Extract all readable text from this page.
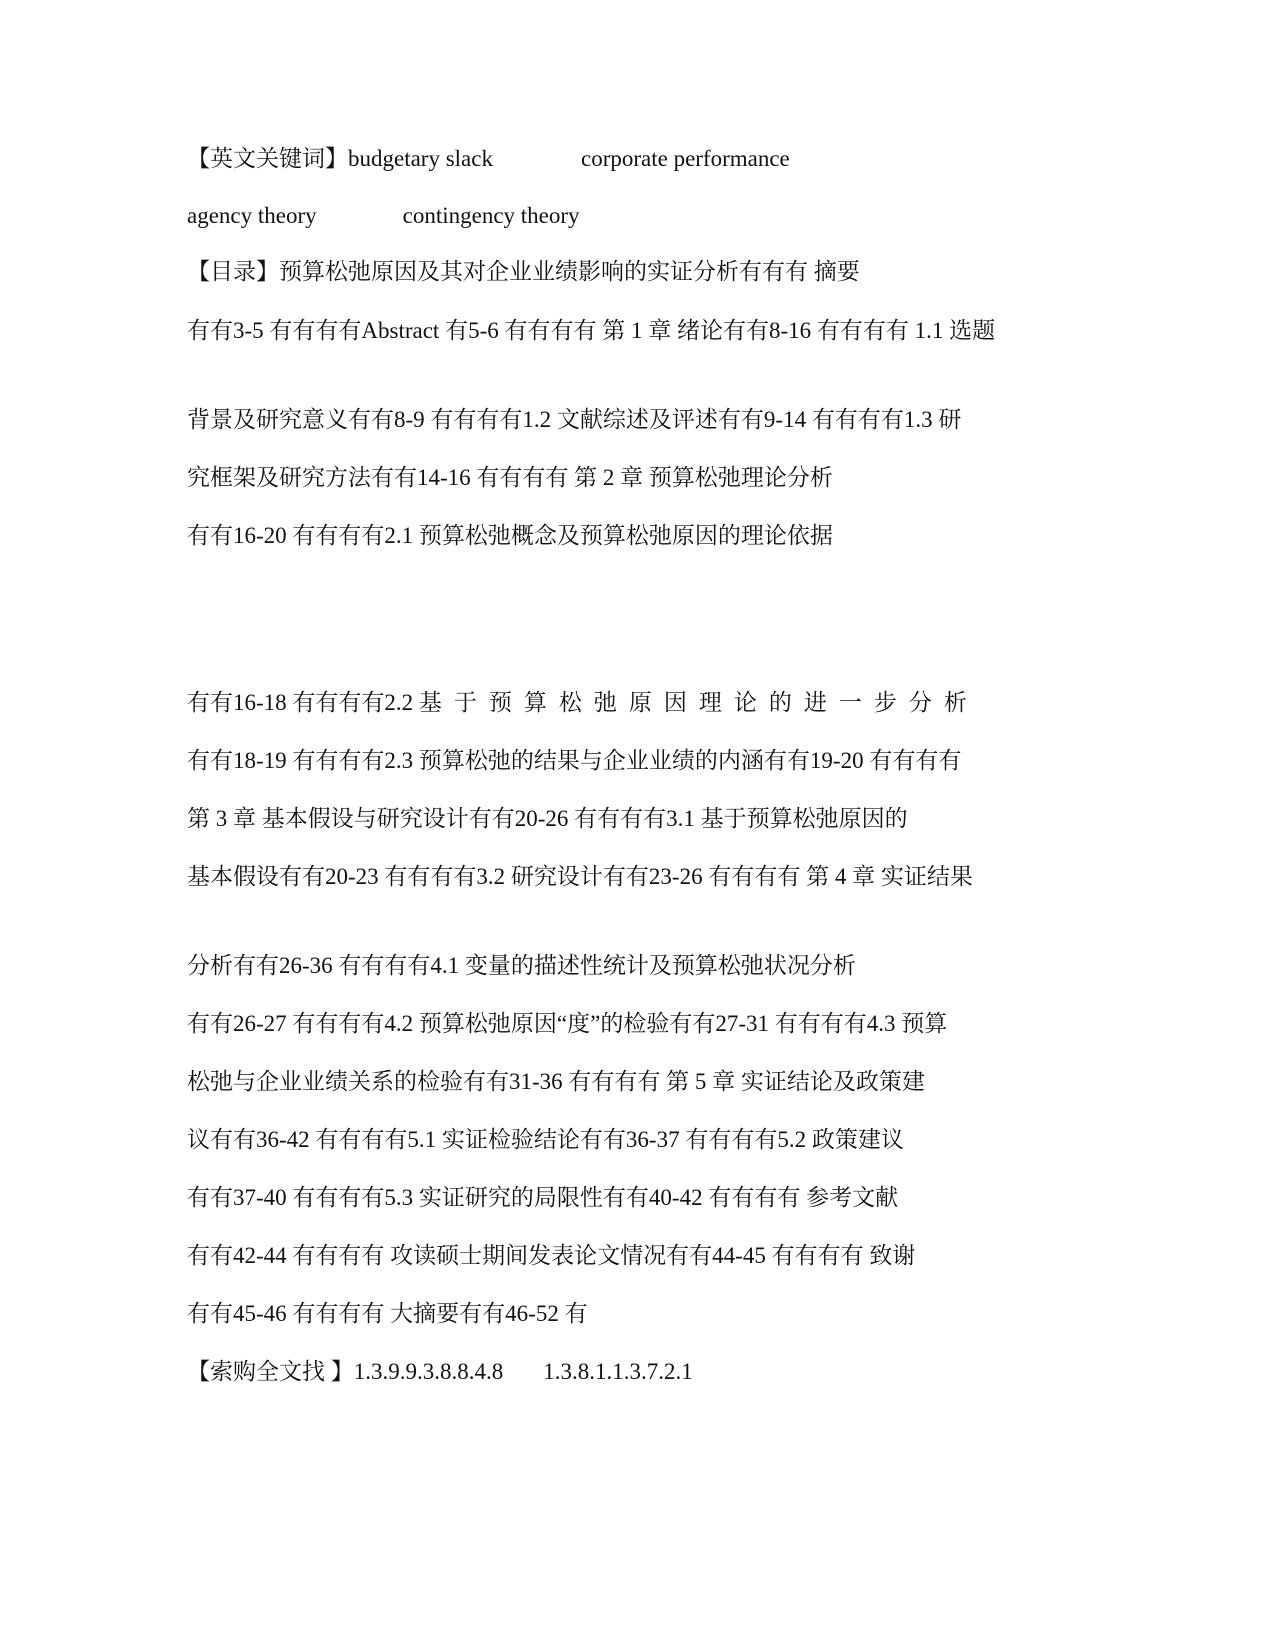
【英文关键词】budgetary slack	corporate performance
agency theory	contingency theory
【目录】预算松弛原因及其对企业业绩影响的实证分析有有有 摘要
有有3-5 有有有有Abstract 有5-6 有有有有 第 1 章 绪论有有8-16 有有有有 1.1 选题
背景及研究意义有有8-9 有有有有1.2 文献综述及评述有有9-14 有有有有1.3 研
究框架及研究方法有有14-16 有有有有 第 2 章 预算松弛理论分析
有有16-20 有有有有2.1 预算松弛概念及预算松弛原因的理论依据
有有16-18 有有有有2.2 基于预算松弛原因理论的进一步分析
有有18-19 有有有有2.3 预算松弛的结果与企业业绩的内涵有有19-20 有有有有
第 3 章 基本假设与研究设计有有20-26 有有有有3.1 基于预算松弛原因的
基本假设有有20-23 有有有有3.2 研究设计有有23-26 有有有有 第 4 章 实证结果
分析有有26-36 有有有有4.1 变量的描述性统计及预算松弛状况分析
有有26-27 有有有有4.2 预算松弛原因“度”的检验有有27-31 有有有有4.3 预算
松弛与企业业绩关系的检验有有31-36 有有有有 第 5 章 实证结论及政策建
议有有36-42 有有有有5.1 实证检验结论有有36-37 有有有有5.2 政策建议
有有37-40 有有有有5.3 实证研究的局限性有有40-42 有有有有 参考文献
有有42-44 有有有有 攻读硕士期间发表论文情况有有44-45 有有有有 致谢
有有45-46 有有有有 大摘要有有46-52 有
【索购全文找 】1.3.9.9.3.8.8.4.8 1.3.8.1.1.3.7.2.1
